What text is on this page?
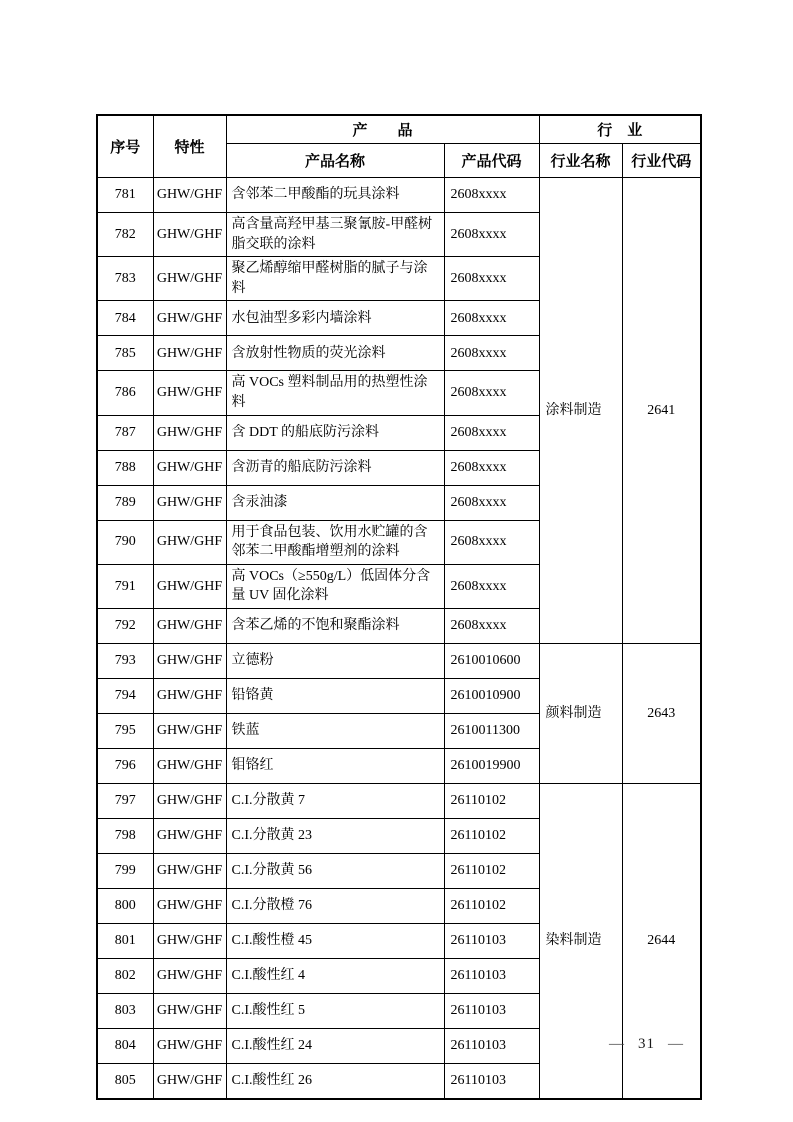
序号	特性	产　　品		行　业	
		产品名称	产品代码	行业名称	行业代码
781	GHW/GHF	含邻苯二甲酸酯的玩具涂料	2608xxxx	涂料制造	2641
782	GHW/GHF	高含量高羟甲基三聚氰胺-甲醛树脂交联的涂料	2608xxxx		
783	GHW/GHF	聚乙烯醇缩甲醛树脂的腻子与涂料	2608xxxx		
784	GHW/GHF	水包油型多彩内墙涂料	2608xxxx		
785	GHW/GHF	含放射性物质的荧光涂料	2608xxxx		
786	GHW/GHF	高 VOCs 塑料制品用的热塑性涂料	2608xxxx		
787	GHW/GHF	含 DDT 的船底防污涂料	2608xxxx		
788	GHW/GHF	含沥青的船底防污涂料	2608xxxx		
789	GHW/GHF	含汞油漆	2608xxxx		
790	GHW/GHF	用于食品包装、饮用水贮罐的含邻苯二甲酸酯增塑剂的涂料	2608xxxx		
791	GHW/GHF	高 VOCs（≥550g/L）低固体分含量 UV 固化涂料	2608xxxx		
792	GHW/GHF	含苯乙烯的不饱和聚酯涂料	2608xxxx		
793	GHW/GHF	立德粉	2610010600	颜料制造	2643
794	GHW/GHF	铅铬黄	2610010900		
795	GHW/GHF	铁蓝	2610011300		
796	GHW/GHF	钼铬红	2610019900		
797	GHW/GHF	C.I.分散黄 7	26110102	染料制造	2644
798	GHW/GHF	C.I.分散黄 23	26110102		
799	GHW/GHF	C.I.分散黄 56	26110102		
800	GHW/GHF	C.I.分散橙 76	26110102		
801	GHW/GHF	C.I.酸性橙 45	26110103		
802	GHW/GHF	C.I.酸性红 4	26110103		
803	GHW/GHF	C.I.酸性红 5	26110103		
804	GHW/GHF	C.I.酸性红 24	26110103		
805	GHW/GHF	C.I.酸性红 26	26110103		
— 31 —
